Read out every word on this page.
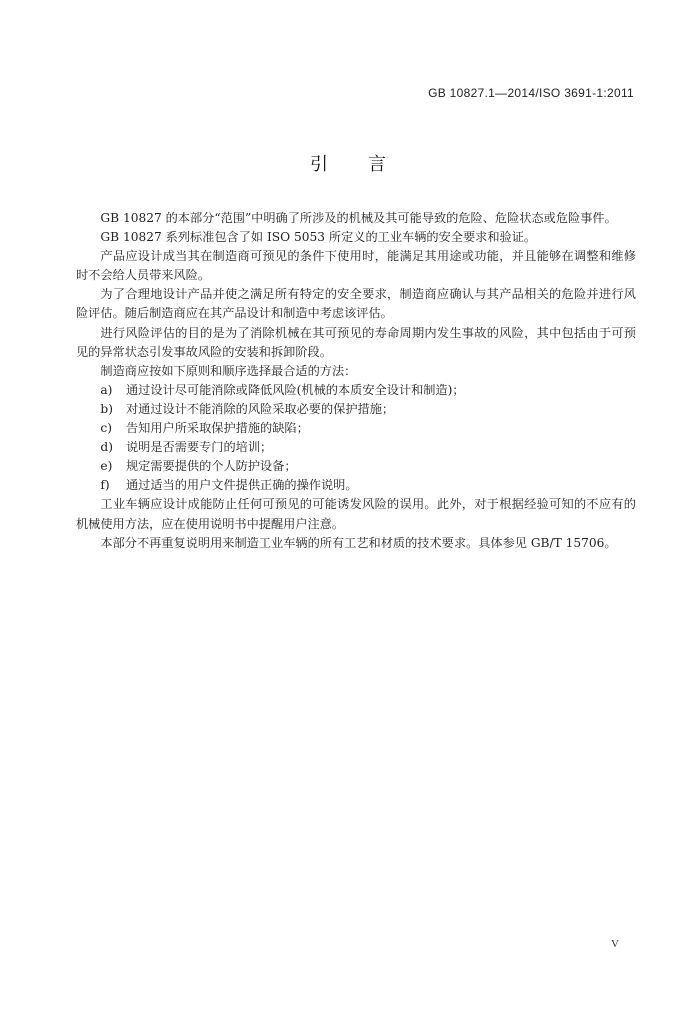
GB 10827.1—2014/ISO 3691-1:2011
引言

GB 10827 的本部分“范围”中明确了所涉及的机械及其可能导致的危险、危险状态或危险事件。

GB 10827 系列标准包含了如 ISO 5053 所定义的工业车辆的安全要求和验证。

产品应设计成当其在制造商可预见的条件下使用时，能满足其用途或功能，并且能够在调整和维修时不会给人员带来风险。

为了合理地设计产品并使之满足所有特定的安全要求，制造商应确认与其产品相关的危险并进行风险评估。随后制造商应在其产品设计和制造中考虑该评估。

进行风险评估的目的是为了消除机械在其可预见的寿命周期内发生事故的风险，其中包括由于可预见的异常状态引发事故风险的安装和拆卸阶段。

制造商应按如下原则和顺序选择最合适的方法：

a) 通过设计尽可能消除或降低风险(机械的本质安全设计和制造)；

b) 对通过设计不能消除的风险采取必要的保护措施；

c) 告知用户所采取保护措施的缺陷；

d) 说明是否需要专门的培训；

e) 规定需要提供的个人防护设备；

f) 通过适当的用户文件提供正确的操作说明。

工业车辆应设计成能防止任何可预见的可能诱发风险的误用。此外，对于根据经验可知的不应有的机械使用方法，应在使用说明书中提醒用户注意。

本部分不再重复说明用来制造工业车辆的所有工艺和材质的技术要求。具体参见 GB/T 15706。

V
